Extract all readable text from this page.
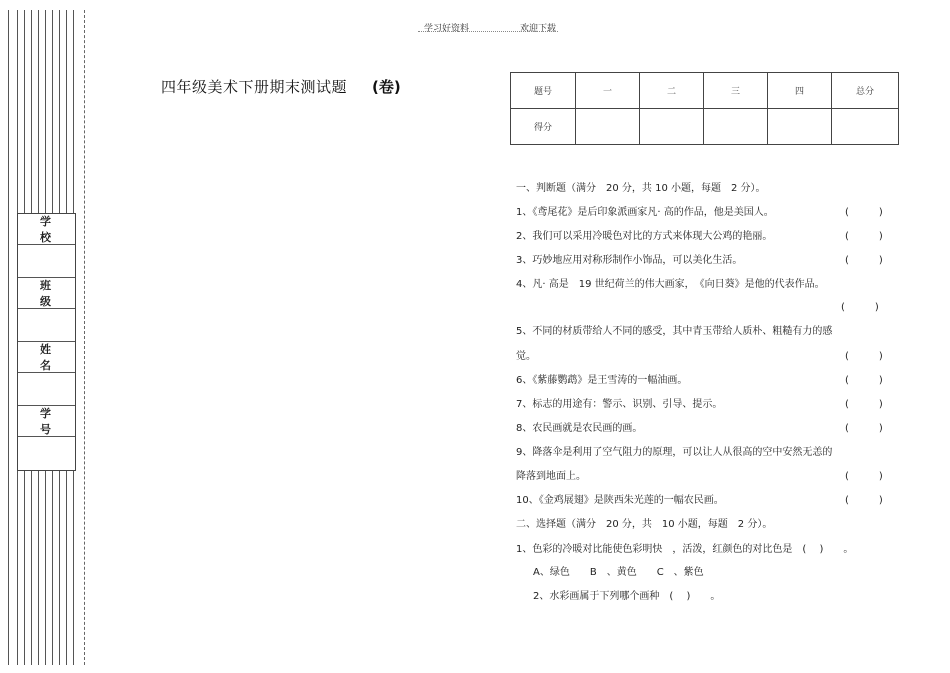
学 校
班 级
姓 名
学 号
学习好资料	欢迎下载
四年级美术下册期末测试题 (卷)	题号	一	二	三	四	总分
得分					
一、判断题（满分　20 分，共 10 小题，每题　2 分）。
1、《鸢尾花》是后印象派画家凡· 高的作品，他是美国人。	(　　　)
2、我们可以采用冷暖色对比的方式来体现大公鸡的艳丽。	(　　　)
3、巧妙地应用对称形制作小饰品，可以美化生活。	(　　　)
4、凡· 高是　19 世纪荷兰的伟大画家，　《向日葵》是他的代表作品。
(　　　)
5、不同的材质带给人不同的感受，其中青玉带给人质朴、粗糙有力的感
觉。	(　　　)
6、《紫藤鹦鹉》是王雪涛的一幅油画。	(　　　)
7、标志的用途有：警示、识别、引导、提示。	(　　　)
8、农民画就是农民画的画。	(　　　)
9、降落伞是利用了空气阻力的原理，可以让人从很高的空中安然无恙的
降落到地面上。	(　　　)
10、《金鸡展翅》是陕西朱光莲的一幅农民画。	(　　　)
二、选择题（满分　20 分，共　10 小题，每题　2 分）。
1、色彩的冷暖对比能使色彩明快　，活泼，红颜色的对比色是　(　 )　　。
A、绿色　　B　、黄色　　C　、紫色
2、水彩画属于下列哪个画种　(　 )　　。
